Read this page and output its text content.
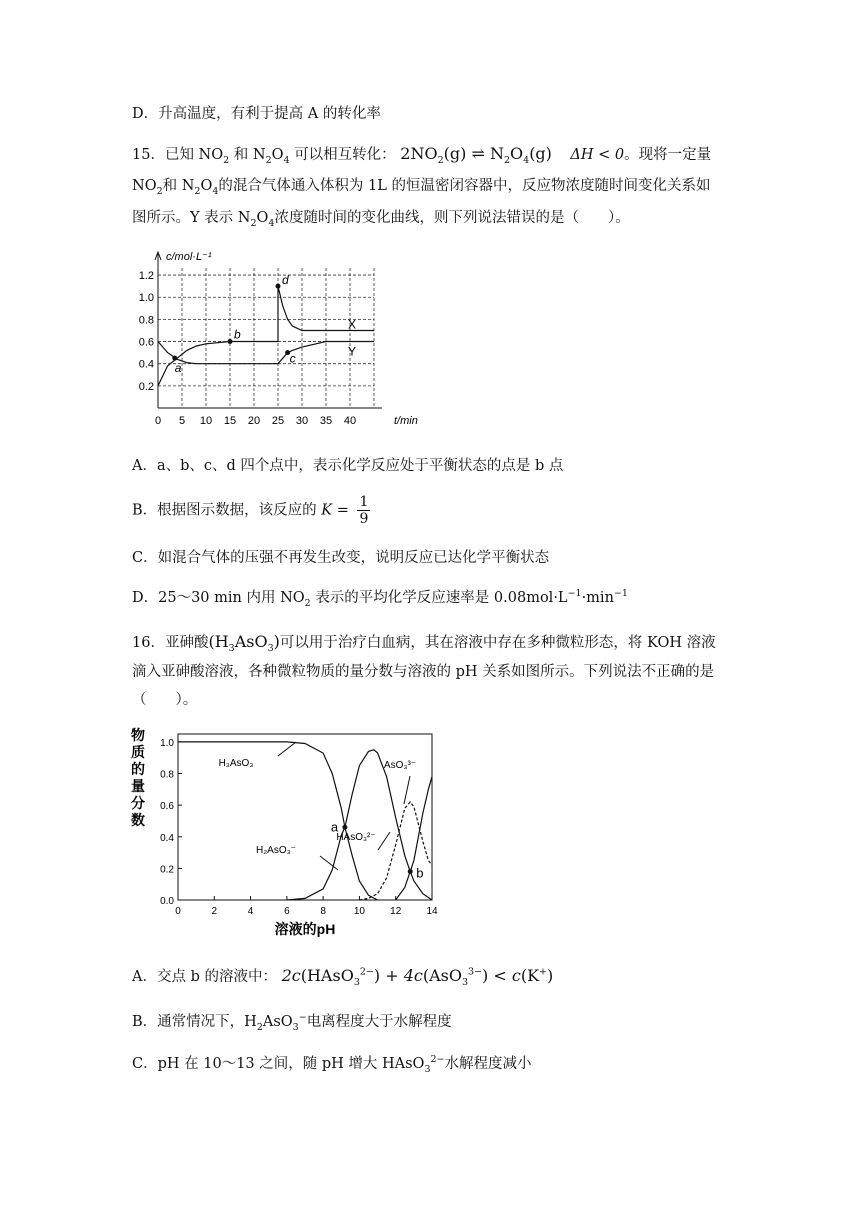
D．升高温度，有利于提高 A 的转化率
15．已知 $NO_2$ 和 $N_2O_4$ 可以相互转化： $2NO_2(g)$ ⇌ $N_2O_4(g) \Delta H < 0$。现将一定量
$NO_2$和 $N_2O_4$的混合气体通入体积为 1L 的恒温密闭容器中，反应物浓度随时间变化关系如
图所示。Y 表示 $N_2O_4$浓度随时间的变化曲线，则下列说法错误的是（　　）。
0 5 10 15 20 25 30 35 40
0.2
0.4
0.6
0.8
1.0
1.2
c/mol·L⁻¹
t/min
X
Y
a
b
c
d
A．a、b、c、d 四个点中，表示化学反应处于平衡状态的点是 b 点
B．根据图示数据，该反应的 $K = \frac{1}{9}$
C．如混合气体的压强不再发生改变，说明反应已达化学平衡状态
D．25～30 min 内用 $NO_2$ 表示的平均化学反应速率是 $0.08mol\cdot L^{-1}\cdot\min^{-1}$
16．亚砷酸$(H_3AsO_3)$可以用于治疗白血病，其在溶液中存在多种微粒形态，将 KOH 溶液
滴入亚砷酸溶液，各种微粒物质的量分数与溶液的 pH 关系如图所示。下列说法不正确的是
（　　）。
0	2	4	6	8	10	12	14
0.0
0.2
0.4
0.6
0.8
1.0
物
质
的
量
分
数
溶液的pH
H₃AsO₃
H₂AsO₃⁻
HAsO₃²⁻
AsO₃³⁻
a
b
A．交点 b 的溶液中： 2c(HAsO$_3^{2-}$) + 4c(AsO$_3^{3-}$) < c(K+)
B．通常情况下，$H_2AsO_3^-$电离程度大于水解程度
C．pH 在 10～13 之间，随 pH 增大 HAsO$_3^{2-}$水解程度减小
